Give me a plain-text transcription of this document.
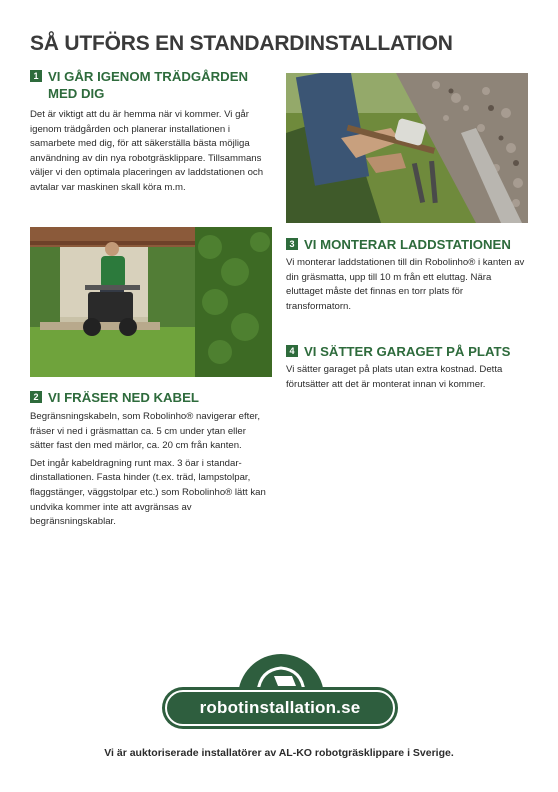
SÅ UTFÖRS EN STANDARDINSTALLATION
1 VI GÅR IGENOM TRÄDGÅRDEN
MED DIG

Det är viktigt att du är hemma när vi kommer. Vi går igenom trädgården och planerar installationen i samarbete med dig, för att säkerställa bästa möjliga användning av din nya robotgräsklippare. Tillsammans väljer vi den optimala placeringen av laddstationen och avtalar var maskinen skall köra m.m.

2 VI FRÄSER NED KABEL

Begränsningskabeln, som Robolinho® navigerar efter, fräser vi ned i gräsmattan ca. 5 cm under ytan eller sätter fast den med märlor, ca. 20 cm från kanten.

Det ingår kabeldragning runt max. 3 öar i standardinstallationen. Fasta hinder (t.ex. träd, lampstolpar, flaggstänger, väggstolpar etc.) som Robolinho® lätt kan undvika kommer inte att avgränsas av begränsningskablar.

3 VI MONTERAR LADDSTATIONEN

Vi monterar laddstationen till din Robolinho® i kanten av din gräsmatta, upp till 10 m från ett eluttag. Nära eluttaget måste det finnas en torr plats för transformatorn.

4 VI SÄTTER GARAGET PÅ PLATS

Vi sätter garaget på plats utan extra kostnad. Detta förutsätter att det är monterat innan vi kommer.

robotinstallation.se
Vi är auktoriserade installatörer av AL-KO robotgräsklippare i Sverige.
